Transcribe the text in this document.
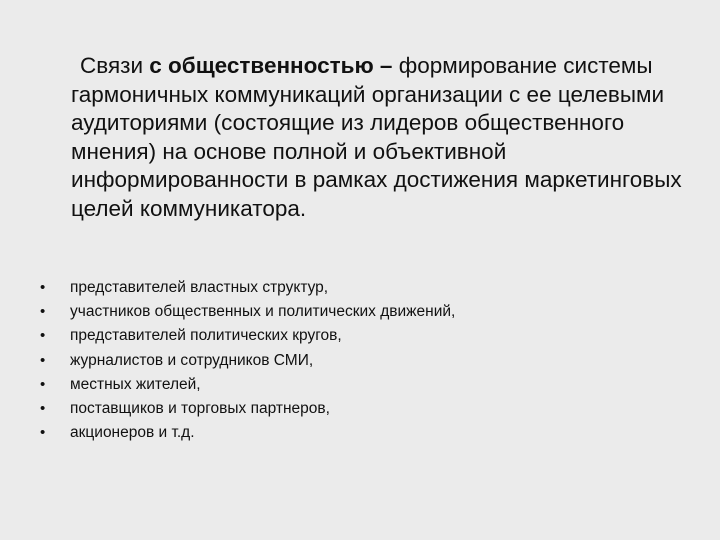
Связи с общественностью – формирование системы гармоничных коммуникаций организации с ее целевыми аудиториями (состоящие из лидеров общественного мнения) на основе полной и объективной информированности в рамках достижения маркетинговых целей коммуникатора.

• представителей властных структур,
• участников общественных и политических движений,
• представителей политических кругов,
• журналистов и сотрудников СМИ,
• местных жителей,
• поставщиков и торговых партнеров,
• акционеров и т.д.
